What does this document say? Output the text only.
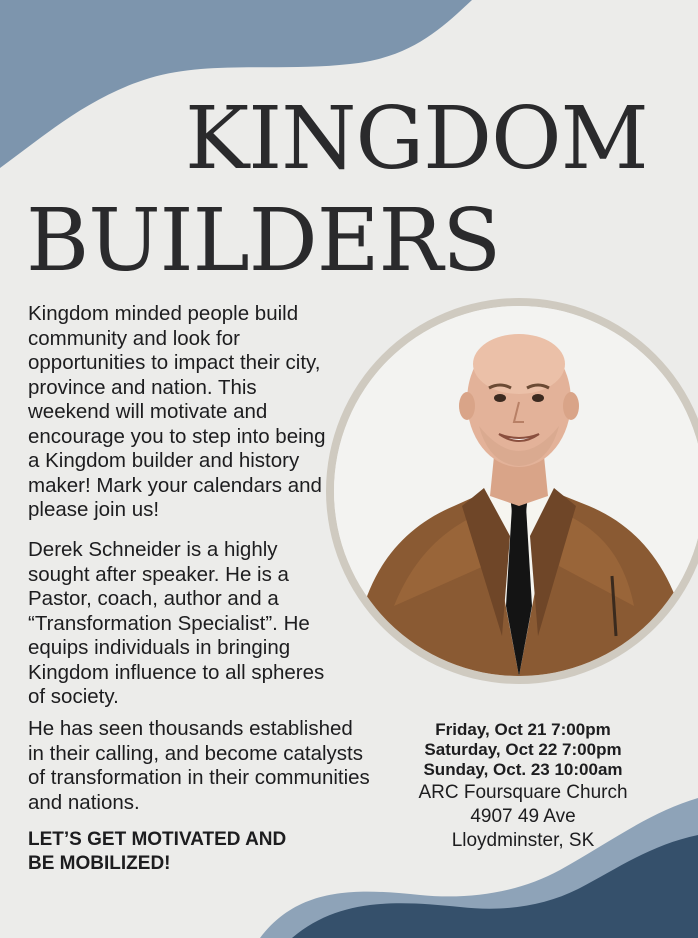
KINGDOM
BUILDERS

Kingdom minded people build community and look for opportunities to impact their city, province and nation. This weekend will motivate and encourage you to step into being a Kingdom builder and history maker! Mark your calendars and please join us!

Derek Schneider is a highly sought after speaker. He is a Pastor, coach, author and a “Transformation Specialist”. He equips individuals in bringing Kingdom influence to all spheres of society.

He has seen thousands established in their calling, and become catalysts of transformation in their communities and nations.

LET’S GET MOTIVATED AND BE MOBILIZED!

Friday, Oct 21 7:00pm
Saturday, Oct 22 7:00pm
Sunday, Oct. 23 10:00am
ARC Foursquare Church
4907 49 Ave
Lloydminster, SK
